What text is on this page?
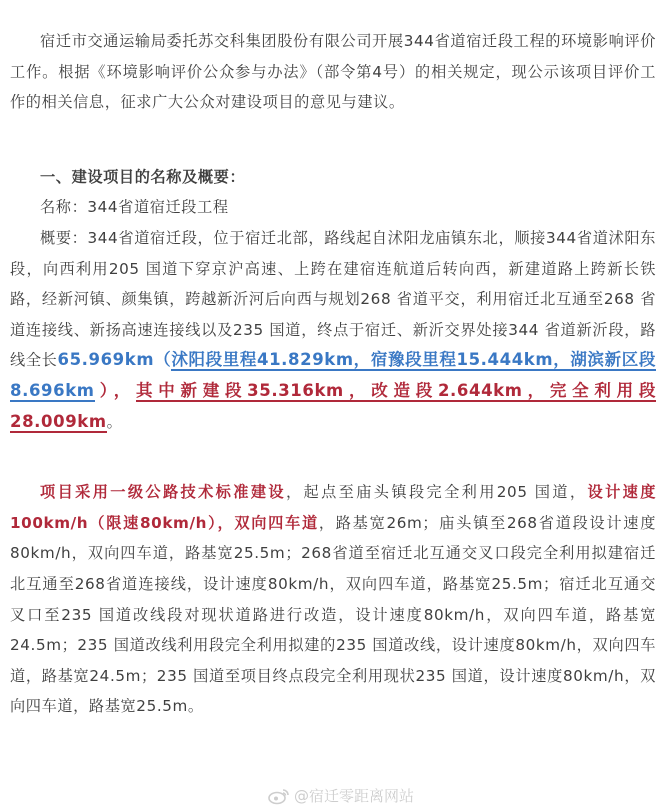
宿迁市交通运输局委托苏交科集团股份有限公司开展344省道宿迁段工程的环境影响评价工作。根据《环境影响评价公众参与办法》（部令第4号）的相关规定，现公示该项目评价工作的相关信息，征求广大公众对建设项目的意见与建议。

一、建设项目的名称及概要：

名称：344省道宿迁段工程

概要：344省道宿迁段，位于宿迁北部，路线起自沭阳龙庙镇东北，顺接344省道沭阳东段，向西利用205 国道下穿京沪高速、上跨在建宿连航道后转向西，新建道路上跨新长铁路，经新河镇、颜集镇，跨越新沂河后向西与规划268 省道平交，利用宿迁北互通至268 省道连接线、新扬高速连接线以及235 国道，终点于宿迁、新沂交界处接344 省道新沂段，路线全长65.969km（沭阳段里程41.829km，宿豫段里程15.444km，湖滨新区段8.696km），其中新建段35.316km，改造段2.644km，完全利用段28.009km。

项目采用一级公路技术标准建设，起点至庙头镇段完全利用205 国道，设计速度100km/h（限速80km/h），双向四车道，路基宽26m；庙头镇至268省道段设计速度80km/h，双向四车道，路基宽25.5m；268省道至宿迁北互通交叉口段完全利用拟建宿迁北互通至268省道连接线，设计速度80km/h，双向四车道，路基宽25.5m；宿迁北互通交叉口至235 国道改线段对现状道路进行改造，设计速度80km/h，双向四车道，路基宽24.5m；235 国道改线利用段完全利用拟建的235 国道改线，设计速度80km/h，双向四车道，路基宽24.5m；235 国道至项目终点段完全利用现状235 国道，设计速度80km/h，双向四车道，路基宽25.5m。

@宿迁零距离网站
